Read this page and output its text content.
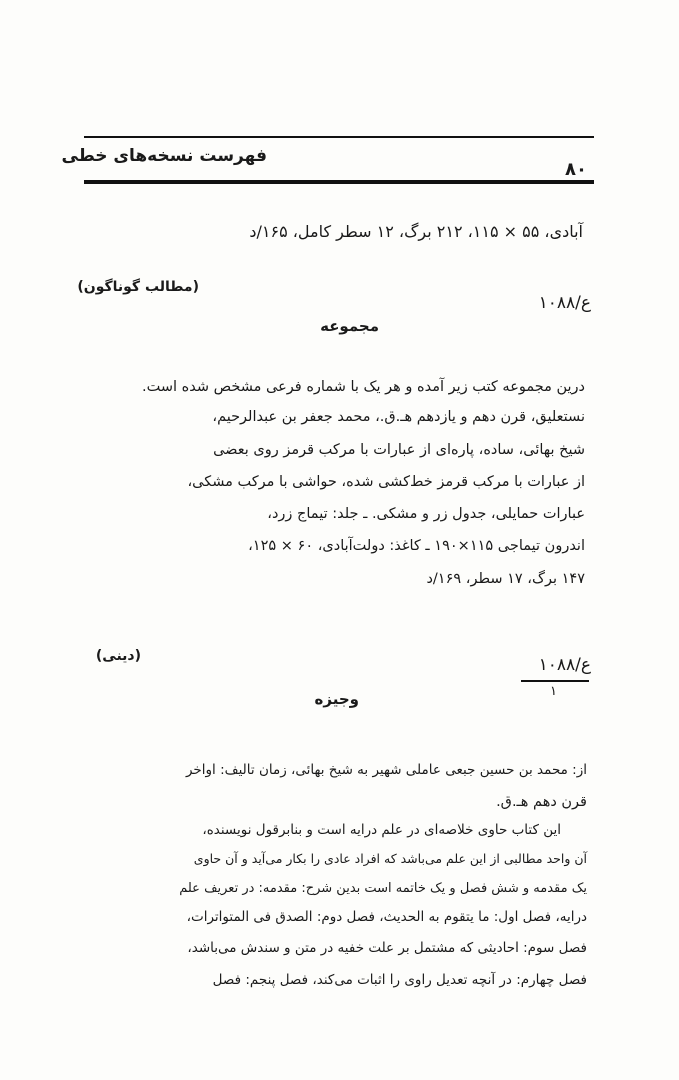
فهرست نسخه‌های خطی
۸۰
آبادی، ۵۵ × ۱۱۵، ۲۱۲ برگ، ۱۲ سطر کامل، ۱۶۵/د
(مطالب گوناگون)
ع/۱۰۸۸
مجموعه
درین مجموعه کتب زیر آمده و هر یک با شماره فرعی مشخص شده است.
نستعلیق، قرن دهم و یازدهم هـ.ق.، محمد جعفر بن عبدالرحیم،
شیخ بهائی، ساده، پاره‌ای از عبارات با مرکب قرمز روی بعضی
از عبارات با مرکب قرمز خط‌کشی شده، حواشی با مرکب مشکی،
عبارات حمایلی، جدول زر و مشکی. ـ جلد: تیماج زرد،
اندرون تیماجی ۱۱۵×۱۹۰ ـ کاغذ: دولت‌آبادی، ۶۰ × ۱۲۵،
۱۴۷ برگ، ۱۷ سطر، ۱۶۹/د
(دینی)	ع/۱۰۸۸
۱
وجیزه
از: محمد بن حسین جبعی عاملی شهیر به شیخ بهائی، زمان تالیف: اواخر
قرن دهم هـ.ق.
این کتاب حاوی خلاصه‌ای در علم درایه است و بنابرقول نویسنده،
آن واحد مطالبی از این علم می‌باشد که افراد عادی را بکار می‌آید و آن حاوی
یک مقدمه و شش فصل و یک خاتمه است بدین شرح: مقدمه: در تعریف علم
درایه، فصل اول: ما یتقوم به الحدیث، فصل دوم: الصدق فی المتواترات،
فصل سوم: احادیثی که مشتمل بر علت خفیه در متن و سندش می‌باشد،
فصل چهارم: در آنچه تعدیل راوی را اثبات می‌کند، فصل پنجم: فصل
